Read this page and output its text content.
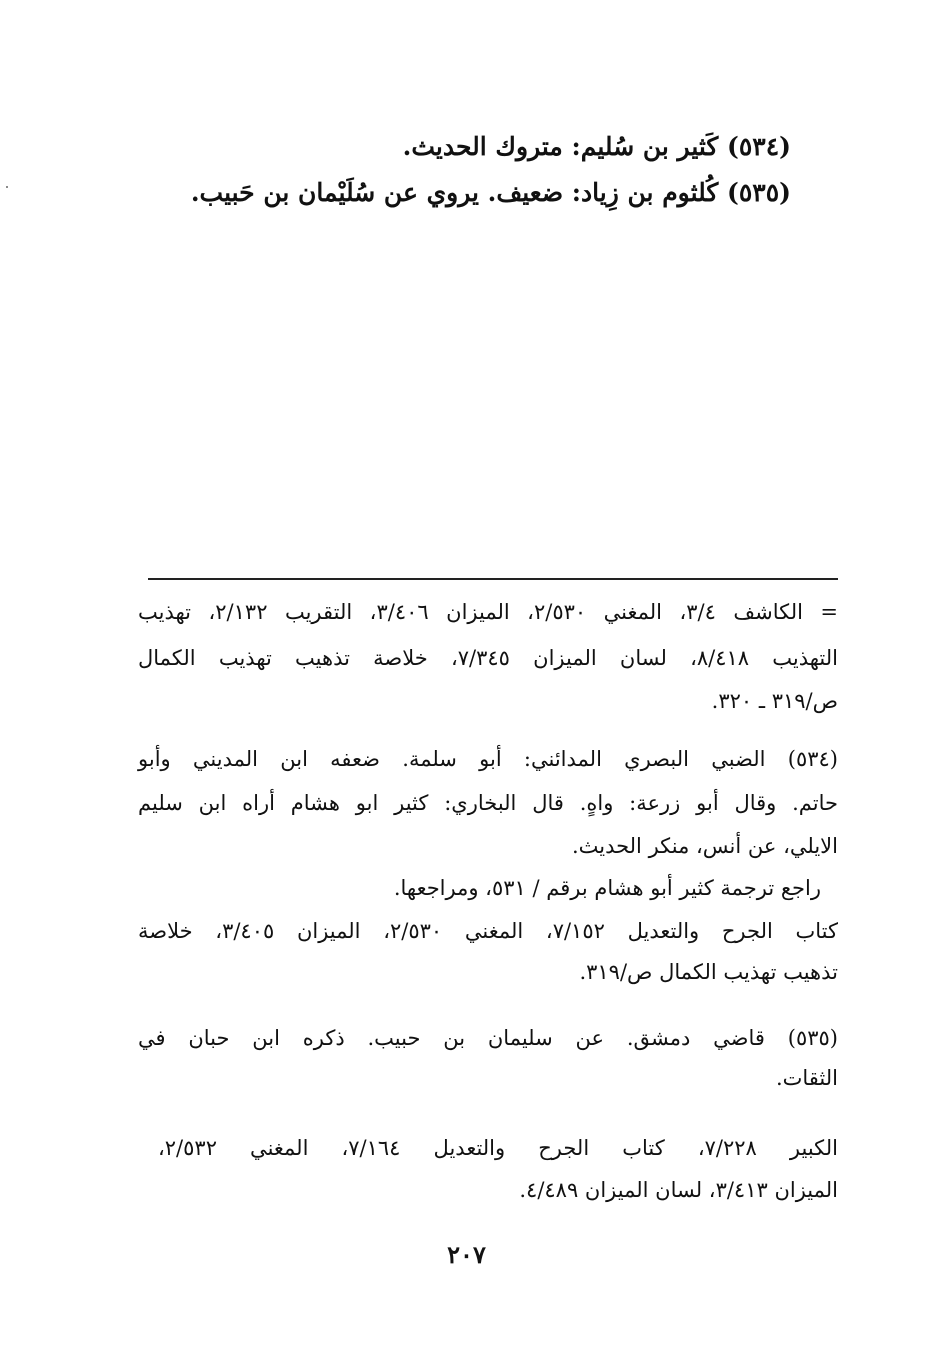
(٥٣٤) كَثير بن سُليم: متروك الحديث.
(٥٣٥) كُلثوم بن زِياد: ضعيف. يروي عن سُلَيْمان بن حَبيب.
= الكاشف ٣/٤، المغني ٢/٥٣٠، الميزان ٣/٤٠٦، التقريب ٢/١٣٢، تهذيب
التهذيب ٨/٤١٨، لسان الميزان ٧/٣٤٥، خلاصة تذهيب تهذيب الكمال
ص/٣١٩ ـ ٣٢٠.
(٥٣٤) الضبي البصري المدائني: أبو سلمة. ضعفه ابن المديني وأبو
حاتم. وقال أبو زرعة: واهٍ. قال البخاري: كثير ابو هشام أراه ابن سليم
الايلي، عن أنس، منكر الحديث.
راجع ترجمة كثير أبو هشام برقم / ٥٣١، ومراجعها.
كتاب الجرح والتعديل ٧/١٥٢، المغني ٢/٥٣٠، الميزان ٣/٤٠٥، خلاصة
تذهيب تهذيب الكمال ص/٣١٩.
(٥٣٥) قاضي دمشق. عن سليمان بن حبيب. ذكره ابن حبان في
الثقات.
الكبير ٧/٢٢٨، كتاب الجرح والتعديل ٧/١٦٤، المغني ٢/٥٣٢،
الميزان ٣/٤١٣، لسان الميزان ٤/٤٨٩.
٢٠٧
